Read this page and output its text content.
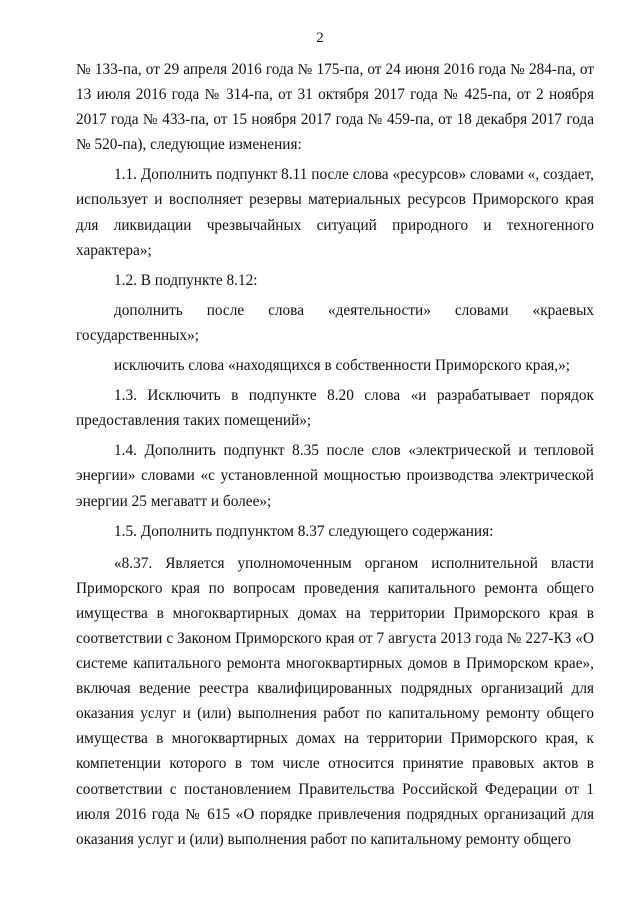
2

№ 133-па, от 29 апреля 2016 года № 175-па, от 24 июня 2016 года № 284-па, от 13 июля 2016 года № 314-па, от 31 октября 2017 года № 425-па, от 2 ноября 2017 года № 433-па, от 15 ноября 2017 года № 459-па, от 18 декабря 2017 года № 520-па), следующие изменения:

1.1. Дополнить подпункт 8.11 после слова «ресурсов» словами «, создает, использует и восполняет резервы материальных ресурсов Приморского края для ликвидации чрезвычайных ситуаций природного и техногенного характера»;

1.2. В подпункте 8.12:

дополнить после слова «деятельности» словами «краевых государственных»;

исключить слова «находящихся в собственности Приморского края,»;

1.3. Исключить в подпункте 8.20 слова «и разрабатывает порядок предоставления таких помещений»;

1.4. Дополнить подпункт 8.35 после слов «электрической и тепловой энергии» словами «с установленной мощностью производства электрической энергии 25 мегаватт и более»;

1.5. Дополнить подпунктом 8.37 следующего содержания:

«8.37. Является уполномоченным органом исполнительной власти Приморского края по вопросам проведения капитального ремонта общего имущества в многоквартирных домах на территории Приморского края в соответствии с Законом Приморского края от 7 августа 2013 года № 227-КЗ «О системе капитального ремонта многоквартирных домов в Приморском крае», включая ведение реестра квалифицированных подрядных организаций для оказания услуг и (или) выполнения работ по капитальному ремонту общего имущества в многоквартирных домах на территории Приморского края, к компетенции которого в том числе относится принятие правовых актов в соответствии с постановлением Правительства Российской Федерации от 1 июля 2016 года № 615 «О порядке привлечения подрядных организаций для оказания услуг и (или) выполнения работ по капитальному ремонту общего
